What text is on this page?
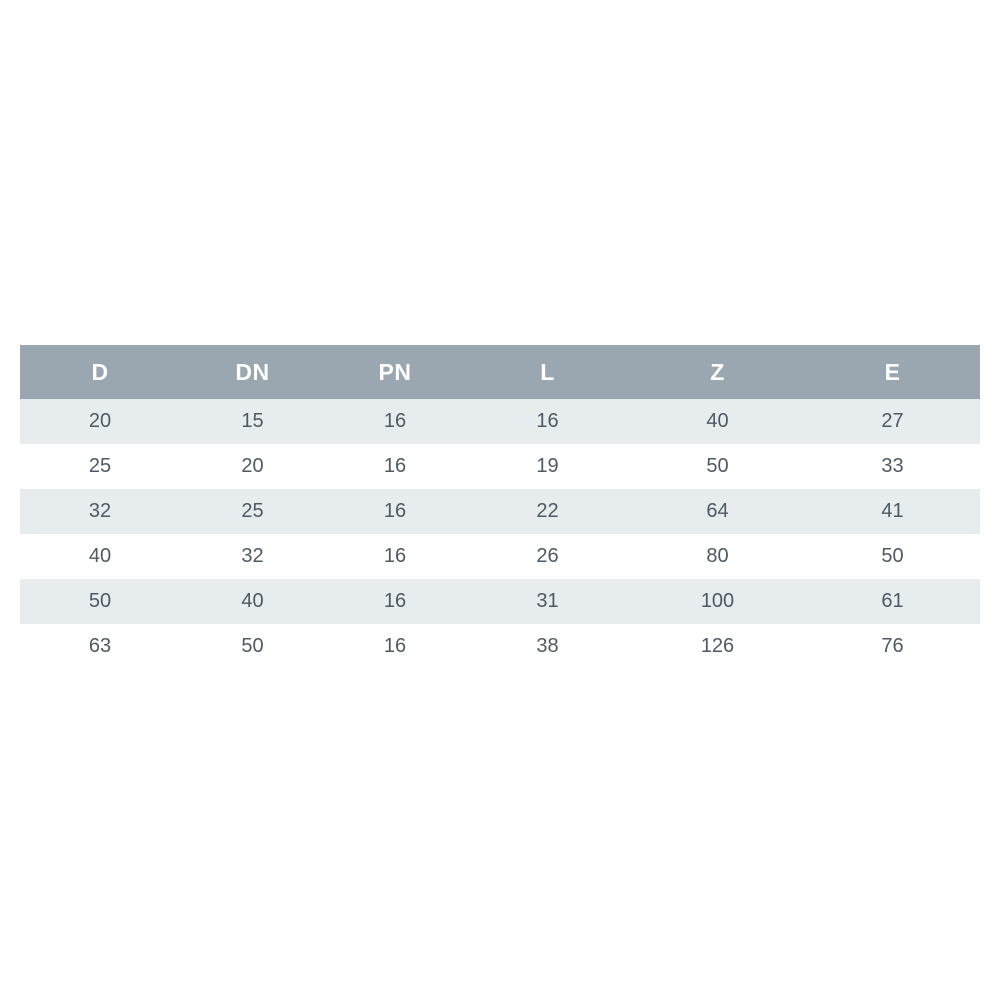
D	DN	PN	L	Z	E
20	15	16	16	40	27
25	20	16	19	50	33
32	25	16	22	64	41
40	32	16	26	80	50
50	40	16	31	100	61
63	50	16	38	126	76
